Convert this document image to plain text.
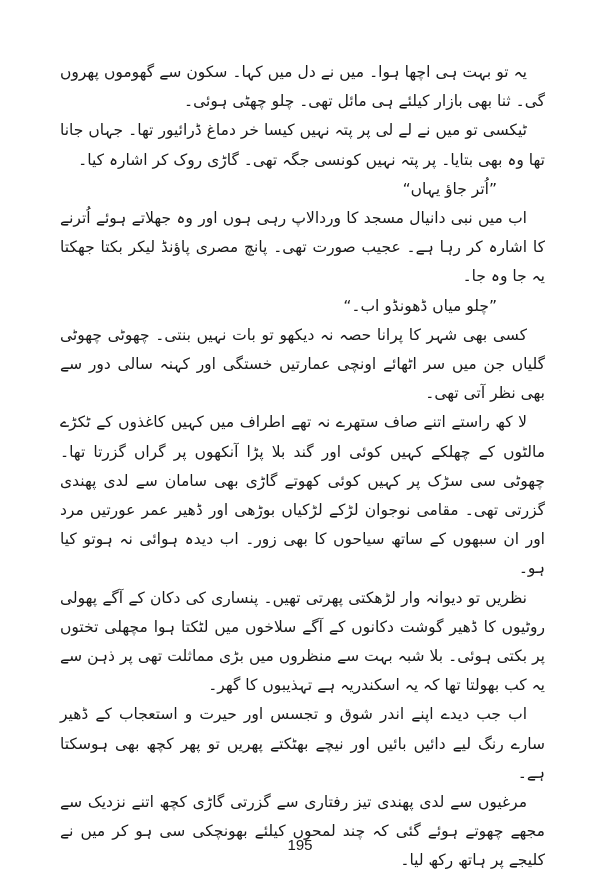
یہ تو بہت ہی اچھا ہوا۔ میں نے دل میں کہا۔ سکون سے گھوموں پھروں گی۔ ثنا بھی بازار کیلئے ہی مائل تھی۔ چلو چھٹی ہوئی۔

ٹیکسی تو میں نے لے لی پر پتہ نہیں کیسا خر دماغ ڈرائیور تھا۔ جہاں جانا تھا وہ بھی بتایا۔ پر پتہ نہیں کونسی جگہ تھی۔ گاڑی روک کر اشارہ کیا۔

”اُتر جاؤ یہاں“

اب میں نبی دانیال مسجد کا وردالاپ رہی ہوں اور وہ جھلاتے ہوئے اُترنے کا اشارہ کر رہا ہے۔ عجیب صورت تھی۔ پانچ مصری پاؤنڈ لیکر بکتا جھکتا یہ جا وہ جا۔

”چلو میاں ڈھونڈو اب۔“

کسی بھی شہر کا پرانا حصہ نہ دیکھو تو بات نہیں بنتی۔ چھوٹی چھوٹی گلیاں جن میں سر اٹھائے اونچی عمارتیں خستگی اور کہنہ سالی دور سے بھی نظر آتی تھی۔

لا کھ راستے اتنے صاف ستھرے نہ تھے اطراف میں کہیں کاغذوں کے ٹکڑے مالٹوں کے چھلکے کہیں کوئی اور گند بلا پڑا آنکھوں پر گراں گزرتا تھا۔ چھوٹی سی سڑک پر کہیں کوئی کھوتے گاڑی بھی سامان سے لدی پھندی گزرتی تھی۔ مقامی نوجوان لڑکے لڑکیاں بوڑھی اور ڈھیر عمر عورتیں مرد اور ان سبھوں کے ساتھ سیاحوں کا بھی زور۔ اب دیدہ ہوائی نہ ہوتو کیا ہو۔

نظریں تو دیوانہ وار لڑھکتی پھرتی تھیں۔ پنساری کی دکان کے آگے پھولی روٹیوں کا ڈھیر گوشت دکانوں کے آگے سلاخوں میں لٹکتا ہوا مچھلی تختوں پر بکتی ہوئی۔ بلا شبہ بہت سے منظروں میں بڑی مماثلت تھی پر ذہن سے یہ کب بھولتا تھا کہ یہ اسکندریہ ہے تہذیبوں کا گھر۔

اب جب دیدے اپنے اندر شوق و تجسس اور حیرت و استعجاب کے ڈھیر سارے رنگ لیے دائیں بائیں اور نیچے بھٹکتے پھریں تو پھر کچھ بھی ہوسکتا ہے۔

مرغیوں سے لدی پھندی تیز رفتاری سے گزرتی گاڑی کچھ اتنے نزدیک سے مجھے چھوتے ہوئے گئی کہ چند لمحوں کیلئے بھونچکی سی ہو کر میں نے کلیجے پر ہاتھ رکھ لیا۔

195
